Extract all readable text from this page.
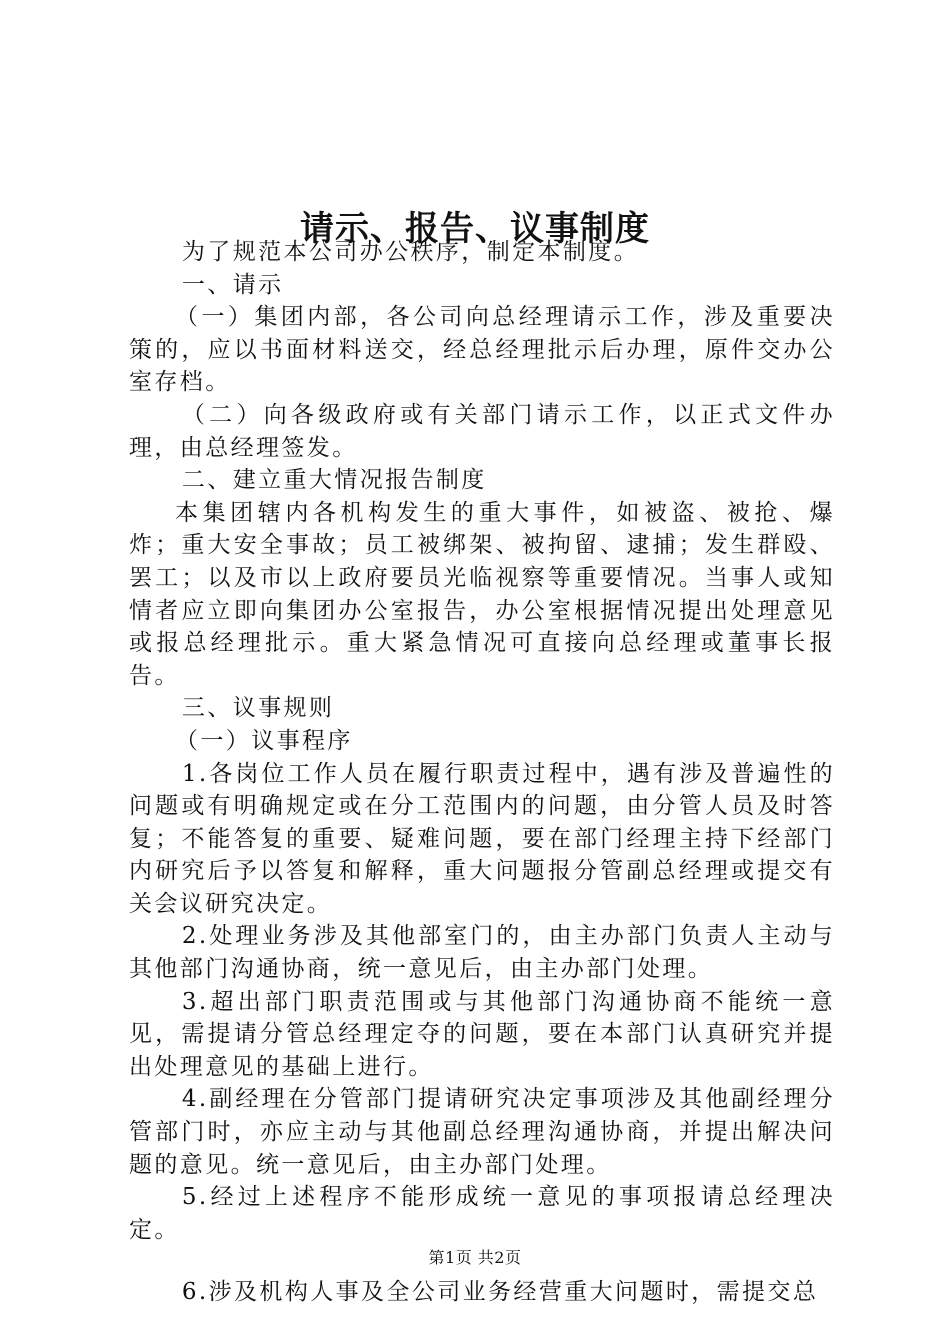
请示、报告、议事制度

为了规范本公司办公秩序，制定本制度。

一、请示

（一）集团内部，各公司向总经理请示工作，涉及重要决策的，应以书面材料送交，经总经理批示后办理，原件交办公室存档。

（二）向各级政府或有关部门请示工作，以正式文件办理，由总经理签发。

二、建立重大情况报告制度

本集团辖内各机构发生的重大事件，如被盗、被抢、爆炸；重大安全事故；员工被绑架、被拘留、逮捕；发生群殴、罢工；以及市以上政府要员光临视察等重要情况。当事人或知情者应立即向集团办公室报告，办公室根据情况提出处理意见或报总经理批示。重大紧急情况可直接向总经理或董事长报告。

三、议事规则

（一）议事程序

1.各岗位工作人员在履行职责过程中，遇有涉及普遍性的问题或有明确规定或在分工范围内的问题，由分管人员及时答复；不能答复的重要、疑难问题，要在部门经理主持下经部门内研究后予以答复和解释，重大问题报分管副总经理或提交有关会议研究决定。

2.处理业务涉及其他部室门的，由主办部门负责人主动与其他部门沟通协商，统一意见后，由主办部门处理。

3.超出部门职责范围或与其他部门沟通协商不能统一意见，需提请分管总经理定夺的问题，要在本部门认真研究并提出处理意见的基础上进行。

4.副经理在分管部门提请研究决定事项涉及其他副经理分管部门时，亦应主动与其他副总经理沟通协商，并提出解决问题的意见。统一意见后，由主办部门处理。

5.经过上述程序不能形成统一意见的事项报请总经理决定。

6.涉及机构人事及全公司业务经营重大问题时，需提交总

第1页 共2页
